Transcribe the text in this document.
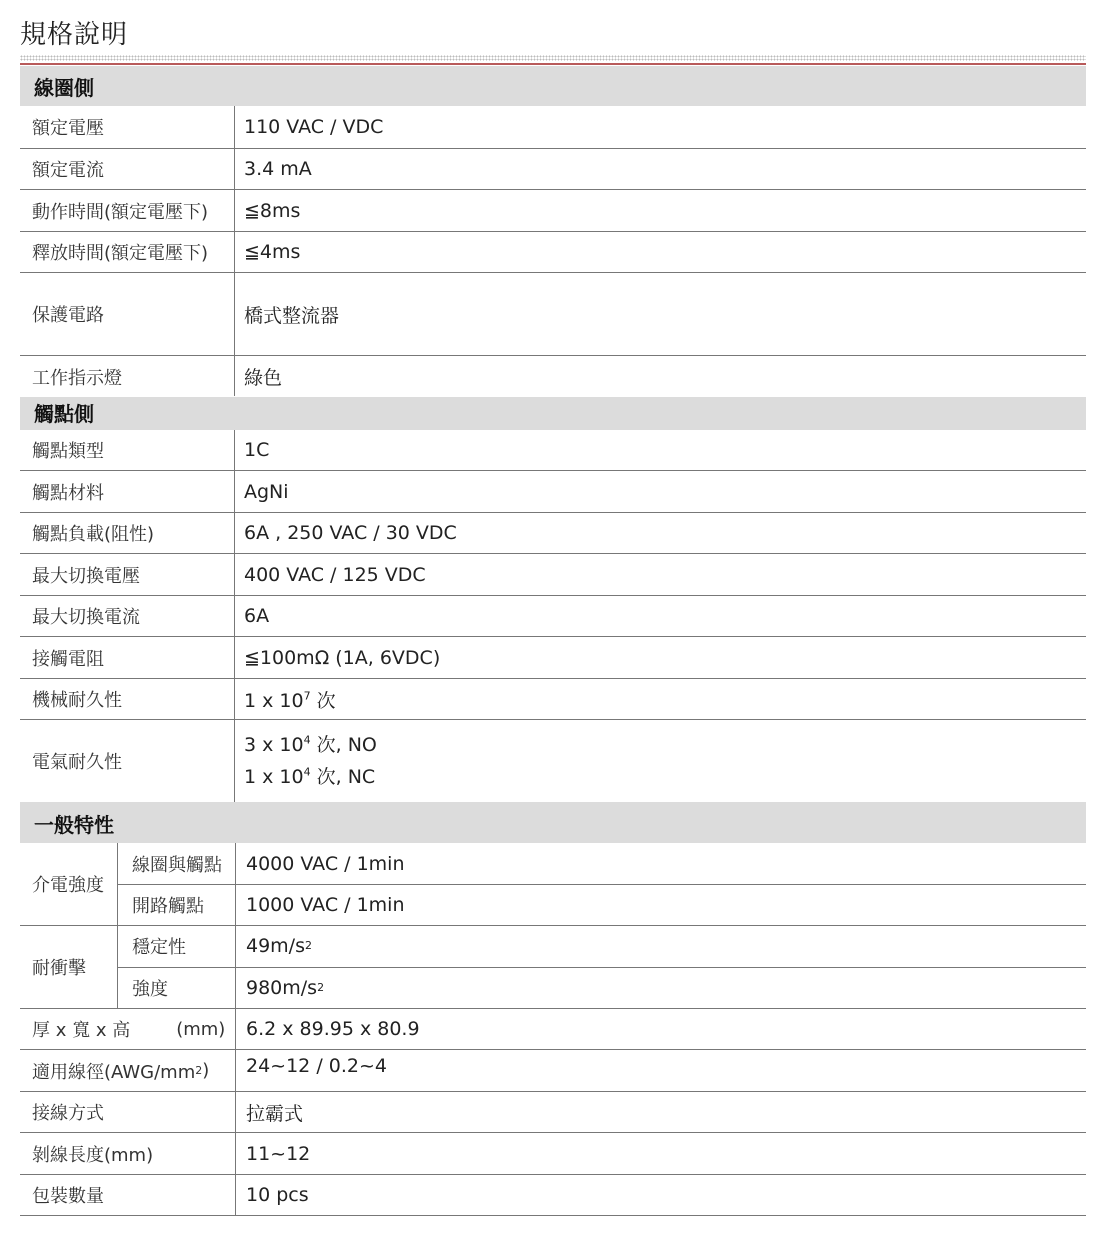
規格說明
線圈側
額定電壓	110 VAC / VDC
額定電流	3.4 mA
動作時間(額定電壓下) ≦8ms
釋放時間(額定電壓下) ≦4ms
保護電路	橋式整流器
工作指示燈	綠色
觸點側
觸點類型	1C
觸點材料	AgNi
觸點負載(阻性)	6A , 250 VAC / 30 VDC
最大切換電壓	400 VAC / 125 VDC
最大切換電流	6A
接觸電阻	≦100mΩ (1A, 6VDC)
機械耐久性	1 x $10^7$ 次
電氣耐久性
3 x $10^4$ 次, NO
1 x $10^4$ 次, NC
一般特性
介電強度
線圈與觸點 4000 VAC / 1min
開路觸點 1000 VAC / 1min
耐衝擊
穩定性	49m/s 2
強度	980m/s 2
厚 x 寬 x 高	(mm) 6.2 x 89.95 x 80.9
適用線徑(AWG/mm 2 ) 24~12 / 0.2~4
接線方式	拉霸式
剝線長度(mm)	11~12
包裝數量	10 pcs
